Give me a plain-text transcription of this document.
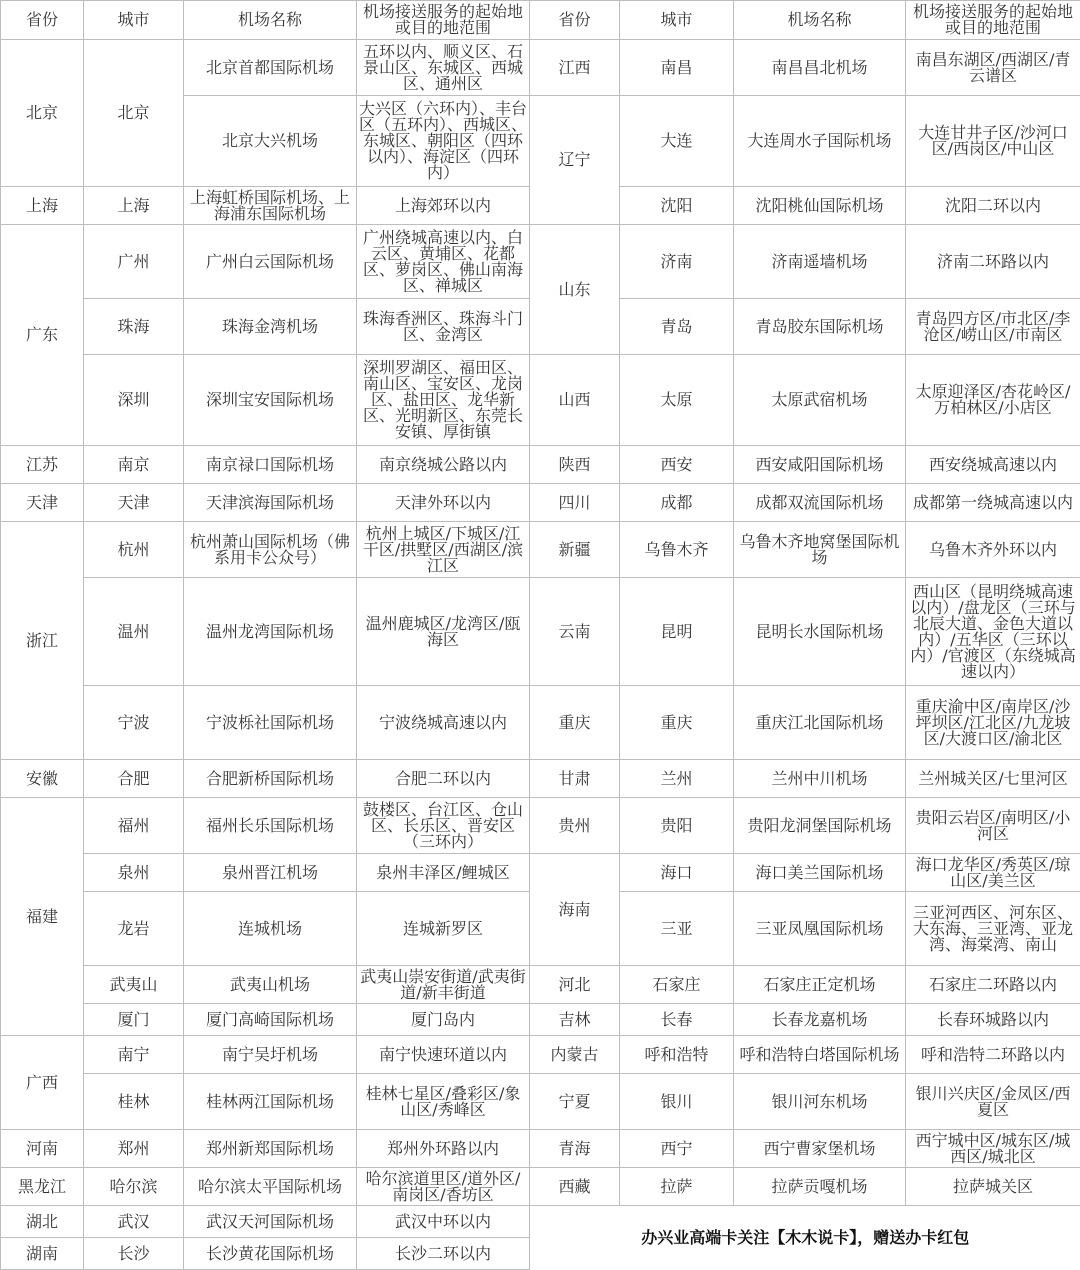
省份	城市	机场名称	机场接送服务的起始地或目的地范围	省份	城市	机场名称	机场接送服务的起始地或目的地范围
北京	北京	北京首都国际机场	五环以内、顺义区、石景山区、东城区、西城区、通州区	江西	南昌	南昌昌北机场	南昌东湖区/西湖区/青云谱区
		北京大兴机场	大兴区（六环内）、丰台区（五环内）、西城区、东城区、朝阳区（四环以内）、海淀区（四环内）	辽宁	大连	大连周水子国际机场	大连甘井子区/沙河口区/西岗区/中山区
上海	上海	上海虹桥国际机场、上海浦东国际机场	上海郊环以内		沈阳	沈阳桃仙国际机场	沈阳二环以内
广东	广州	广州白云国际机场	广州绕城高速以内、白云区、黄埔区、花都区、萝岗区、佛山南海区、禅城区	山东	济南	济南遥墙机场	济南二环路以内
	珠海	珠海金湾机场	珠海香洲区、珠海斗门区、金湾区		青岛	青岛胶东国际机场	青岛四方区/市北区/李沧区/崂山区/市南区
	深圳	深圳宝安国际机场	深圳罗湖区、福田区、南山区、宝安区、龙岗区、盐田区、龙华新区、光明新区、东莞长安镇、厚街镇	山西	太原	太原武宿机场	太原迎泽区/杏花岭区/万柏林区/小店区
江苏	南京	南京禄口国际机场	南京绕城公路以内	陕西	西安	西安咸阳国际机场	西安绕城高速以内
天津	天津	天津滨海国际机场	天津外环以内	四川	成都	成都双流国际机场	成都第一绕城高速以内
浙江	杭州	杭州萧山国际机场（佛系用卡公众号）	杭州上城区/下城区/江干区/拱墅区/西湖区/滨江区	新疆	乌鲁木齐	乌鲁木齐地窝堡国际机场	乌鲁木齐外环以内
	温州	温州龙湾国际机场	温州鹿城区/龙湾区/瓯海区	云南	昆明	昆明长水国际机场	西山区（昆明绕城高速以内）/盘龙区（三环与北辰大道、金色大道以内）/五华区（三环以内）/官渡区（东绕城高速以内）
	宁波	宁波栎社国际机场	宁波绕城高速以内	重庆	重庆	重庆江北国际机场	重庆渝中区/南岸区/沙坪坝区/江北区/九龙坡区/大渡口区/渝北区
安徽	合肥	合肥新桥国际机场	合肥二环以内	甘肃	兰州	兰州中川机场	兰州城关区/七里河区
福建	福州	福州长乐国际机场	鼓楼区、台江区、仓山区、长乐区、晋安区（三环内）	贵州	贵阳	贵阳龙洞堡国际机场	贵阳云岩区/南明区/小河区
	泉州	泉州晋江机场	泉州丰泽区/鲤城区	海南	海口	海口美兰国际机场	海口龙华区/秀英区/琼山区/美兰区
	龙岩	连城机场	连城新罗区		三亚	三亚凤凰国际机场	三亚河西区、河东区、大东海、三亚湾、亚龙湾、海棠湾、南山
	武夷山	武夷山机场	武夷山崇安街道/武夷街道/新丰街道	河北	石家庄	石家庄正定机场	石家庄二环路以内
	厦门	厦门高崎国际机场	厦门岛内	吉林	长春	长春龙嘉机场	长春环城路以内
广西	南宁	南宁吴圩机场	南宁快速环道以内	内蒙古	呼和浩特	呼和浩特白塔国际机场	呼和浩特二环路以内
	桂林	桂林两江国际机场	桂林七星区/叠彩区/象山区/秀峰区	宁夏	银川	银川河东机场	银川兴庆区/金凤区/西夏区
河南	郑州	郑州新郑国际机场	郑州外环路以内	青海	西宁	西宁曹家堡机场	西宁城中区/城东区/城西区/城北区
黑龙江	哈尔滨	哈尔滨太平国际机场	哈尔滨道里区/道外区/南岗区/香坊区	西藏	拉萨	拉萨贡嘎机场	拉萨城关区
湖北	武汉	武汉天河国际机场	武汉中环以内	办兴业高端卡关注【木木说卡】，赠送办卡红包			
湖南	长沙	长沙黄花国际机场	长沙二环以内				
